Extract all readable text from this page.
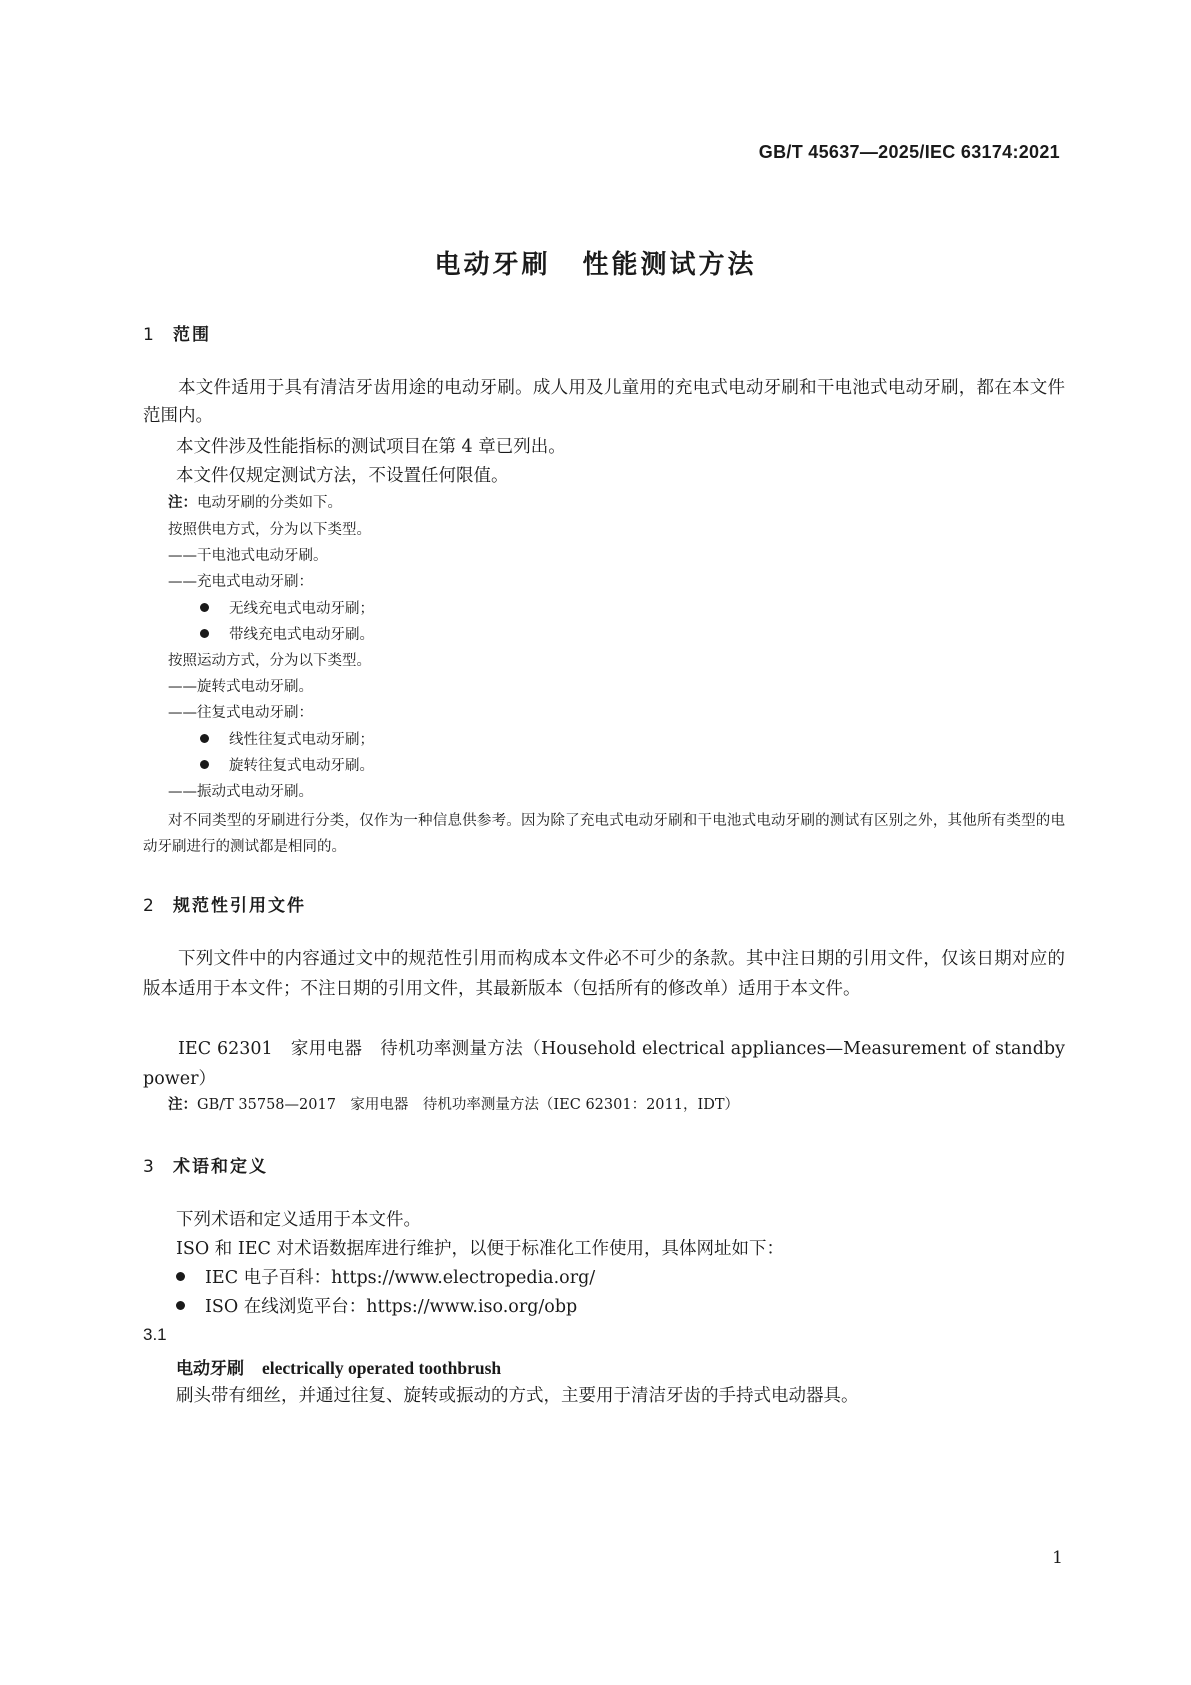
GB/T 45637—2025/IEC 63174:2021
电动牙刷 性能测试方法
1 范围
本文件适用于具有清洁牙齿用途的电动牙刷。成人用及儿童用的充电式电动牙刷和干电池式电动牙刷，都在本文件范围内。
本文件涉及性能指标的测试项目在第 4 章已列出。
本文件仅规定测试方法，不设置任何限值。
注：电动牙刷的分类如下。
按照供电方式，分为以下类型。
——干电池式电动牙刷。
——充电式电动牙刷：
无线充电式电动牙刷；
带线充电式电动牙刷。
按照运动方式，分为以下类型。
——旋转式电动牙刷。
——往复式电动牙刷：
线性往复式电动牙刷；
旋转往复式电动牙刷。
——振动式电动牙刷。
对不同类型的牙刷进行分类，仅作为一种信息供参考。因为除了充电式电动牙刷和干电池式电动牙刷的测试有区别之外，其他所有类型的电动牙刷进行的测试都是相同的。
2 规范性引用文件
下列文件中的内容通过文中的规范性引用而构成本文件必不可少的条款。其中注日期的引用文件，仅该日期对应的版本适用于本文件；不注日期的引用文件，其最新版本（包括所有的修改单）适用于本文件。
IEC 62301　家用电器　待机功率测量方法（Household electrical appliances—Measurement of standby power）
注：GB/T 35758—2017　家用电器　待机功率测量方法（IEC 62301：2011，IDT）
3 术语和定义
下列术语和定义适用于本文件。
ISO 和 IEC 对术语数据库进行维护，以便于标准化工作使用，具体网址如下：
IEC 电子百科：https://www.electropedia.org/
ISO 在线浏览平台：https://www.iso.org/obp
3.1
电动牙刷 electrically operated toothbrush
刷头带有细丝，并通过往复、旋转或振动的方式，主要用于清洁牙齿的手持式电动器具。
1
